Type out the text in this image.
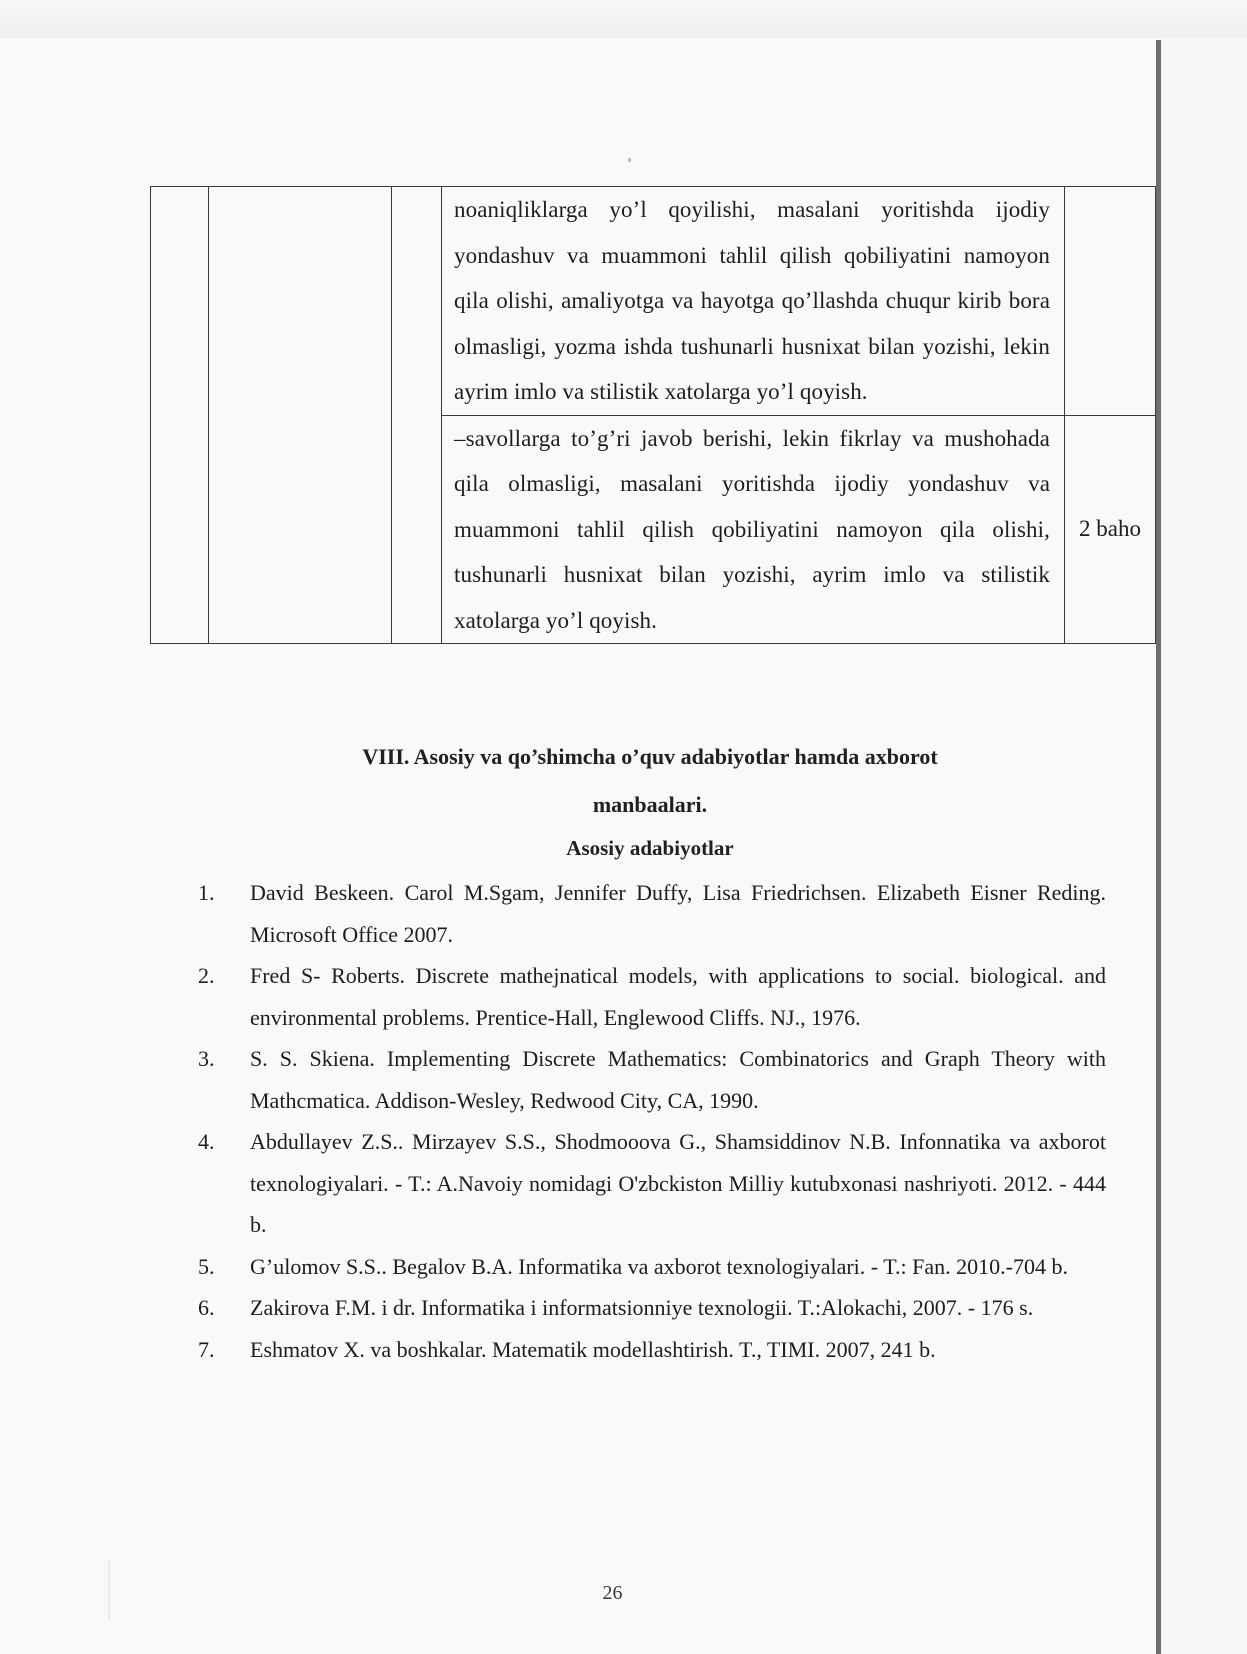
			noaniqliklarga yo’l qoyilishi, masalani yoritishda ijodiy yondashuv va muammoni tahlil qilish qobiliyatini namoyon qila olishi, amaliyotga va hayotga qo’llashda chuqur kirib bora olmasligi, yozma ishda tushunarli husnixat bilan yozishi, lekin ayrim imlo va stilistik xatolarga yo’l qoyish.	

			–savollarga to’g’ri javob berishi, lekin fikrlay va mushohada qila olmasligi, masalani yoritishda ijodiy yondashuv va muammoni tahlil qilish qobiliyatini namoyon qila olishi, tushunarli husnixat bilan yozishi, ayrim imlo va stilistik xatolarga yo’l qoyish.	2 baho
VIII. Asosiy va qo’shimcha o’quv adabiyotlar hamda axborot
manbaalari.
Asosiy adabiyotlar
1. David Beskeen. Carol M.Sgam, Jennifer Duffy, Lisa Friedrichsen. Elizabeth Eisner Reding. Microsoft Office 2007.
2. Fred S- Roberts. Discrete mathejnatical models, with applications to social. biological. and environmental problems. Prentice-Hall, Englewood Cliffs. NJ., 1976.
3. S. S. Skiena. Implementing Discrete Mathematics: Combinatorics and Graph Theory with Mathcmatica. Addison-Wesley, Redwood City, CA, 1990.
4. Abdullayev Z.S.. Mirzayev S.S., Shodmooova G., Shamsiddinov N.B. Infonnatika va axborot texnologiyalari. - T.: A.Navoiy nomidagi O'zbckiston Milliy kutubxonasi nashriyoti. 2012. - 444 b.
5. G’ulomov S.S.. Begalov B.A. Informatika va axborot texnologiyalari. - T.: Fan. 2010.-704 b.
6. Zakirova F.M. i dr. Informatika i informatsionniye texnologii. T.:Alokachi, 2007. - 176 s.
7. Eshmatov X. va boshkalar. Matematik modellashtirish. T., TIMI. 2007, 241 b.
26
